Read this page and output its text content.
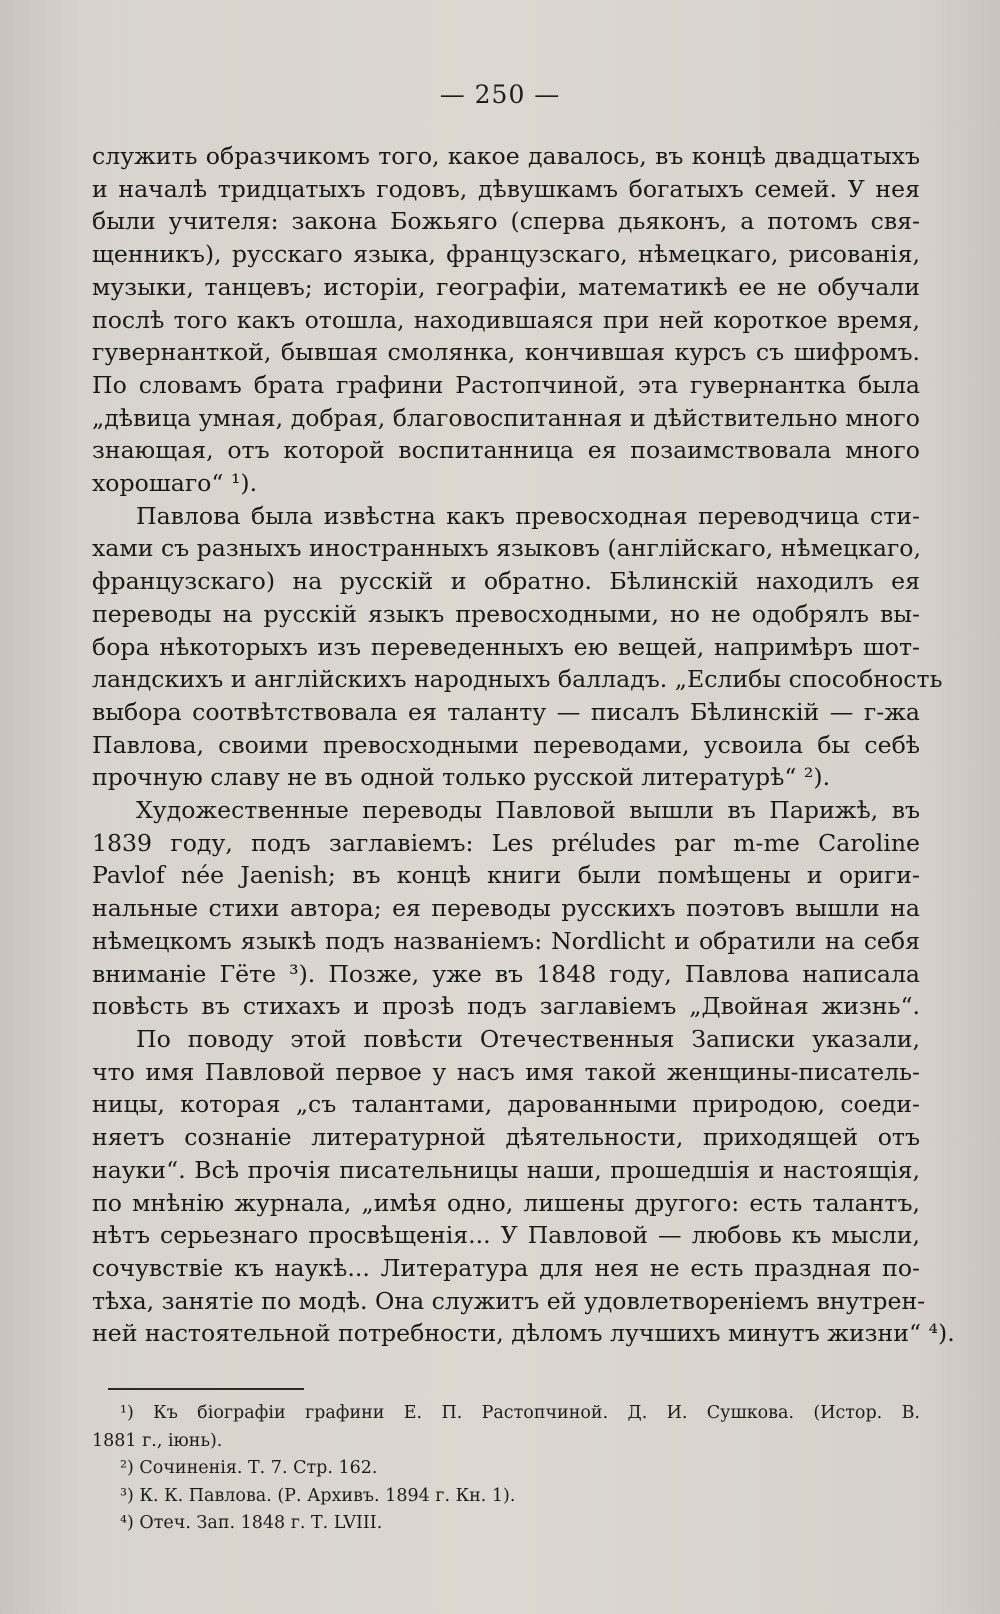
— 250 —
служить образчикомъ того, какое давалось, въ концѣ двадцатыхъ
и началѣ тридцатыхъ годовъ, дѣвушкамъ богатыхъ семей. У нея
были учителя: закона Божьяго (сперва дьяконъ, а потомъ свя-
щенникъ), русскаго языка, французскаго, нѣмецкаго, рисованія,
музыки, танцевъ; исторіи, географіи, математикѣ ее не обучали
послѣ того какъ отошла, находившаяся при ней короткое время,
гувернанткой, бывшая смолянка, кончившая курсъ съ шифромъ.
По словамъ брата графини Растопчиной, эта гувернантка была
„дѣвица умная, добрая, благовоспитанная и дѣйствительно много
знающая, отъ которой воспитанница ея позаимствовала много
хорошаго“ ¹).
Павлова была извѣстна какъ превосходная переводчица сти-
хами съ разныхъ иностранныхъ языковъ (англійскаго, нѣмецкаго,
французскаго) на русскій и обратно. Бѣлинскій находилъ ея
переводы на русскій языкъ превосходными, но не одобрялъ вы-
бора нѣкоторыхъ изъ переведенныхъ ею вещей, напримѣръ шот-
ландскихъ и англійскихъ народныхъ балладъ. „Еслибы способность
выбора соотвѣтствовала ея таланту — писалъ Бѣлинскій — г-жа
Павлова, своими превосходными переводами, усвоила бы себѣ
прочную славу не въ одной только русской литературѣ“ ²).
Художественные переводы Павловой вышли въ Парижѣ, въ
1839 году, подъ заглавіемъ: Les préludes par m-me Caroline
Pavlof née Jaenish; въ концѣ книги были помѣщены и ориги-
нальные стихи автора; ея переводы русскихъ поэтовъ вышли на
нѣмецкомъ языкѣ подъ названіемъ: Nordlicht и обратили на себя
вниманіе Гёте ³). Позже, уже въ 1848 году, Павлова написала
повѣсть въ стихахъ и прозѣ подъ заглавіемъ „Двойная жизнь“.
По поводу этой повѣсти Отечественныя Записки указали,
что имя Павловой первое у насъ имя такой женщины-писатель-
ницы, которая „съ талантами, дарованными природою, соеди-
няетъ сознаніе литературной дѣятельности, приходящей отъ
науки“. Всѣ прочія писательницы наши, прошедшія и настоящія,
по мнѣнію журнала, „имѣя одно, лишены другого: есть талантъ,
нѣтъ серьезнаго просвѣщенія... У Павловой — любовь къ мысли,
сочувствіе къ наукѣ... Литература для нея не есть праздная по-
тѣха, занятіе по модѣ. Она служитъ ей удовлетвореніемъ внутрен-
ней настоятельной потребности, дѣломъ лучшихъ минутъ жизни“ ⁴).
¹) Къ біографіи графини Е. П. Растопчиной. Д. И. Сушкова. (Истор. В.
1881 г., іюнь).
²) Сочиненія. Т. 7. Стр. 162.
³) К. К. Павлова. (Р. Архивъ. 1894 г. Кн. 1).
⁴) Отеч. Зап. 1848 г. Т. LVIII.
